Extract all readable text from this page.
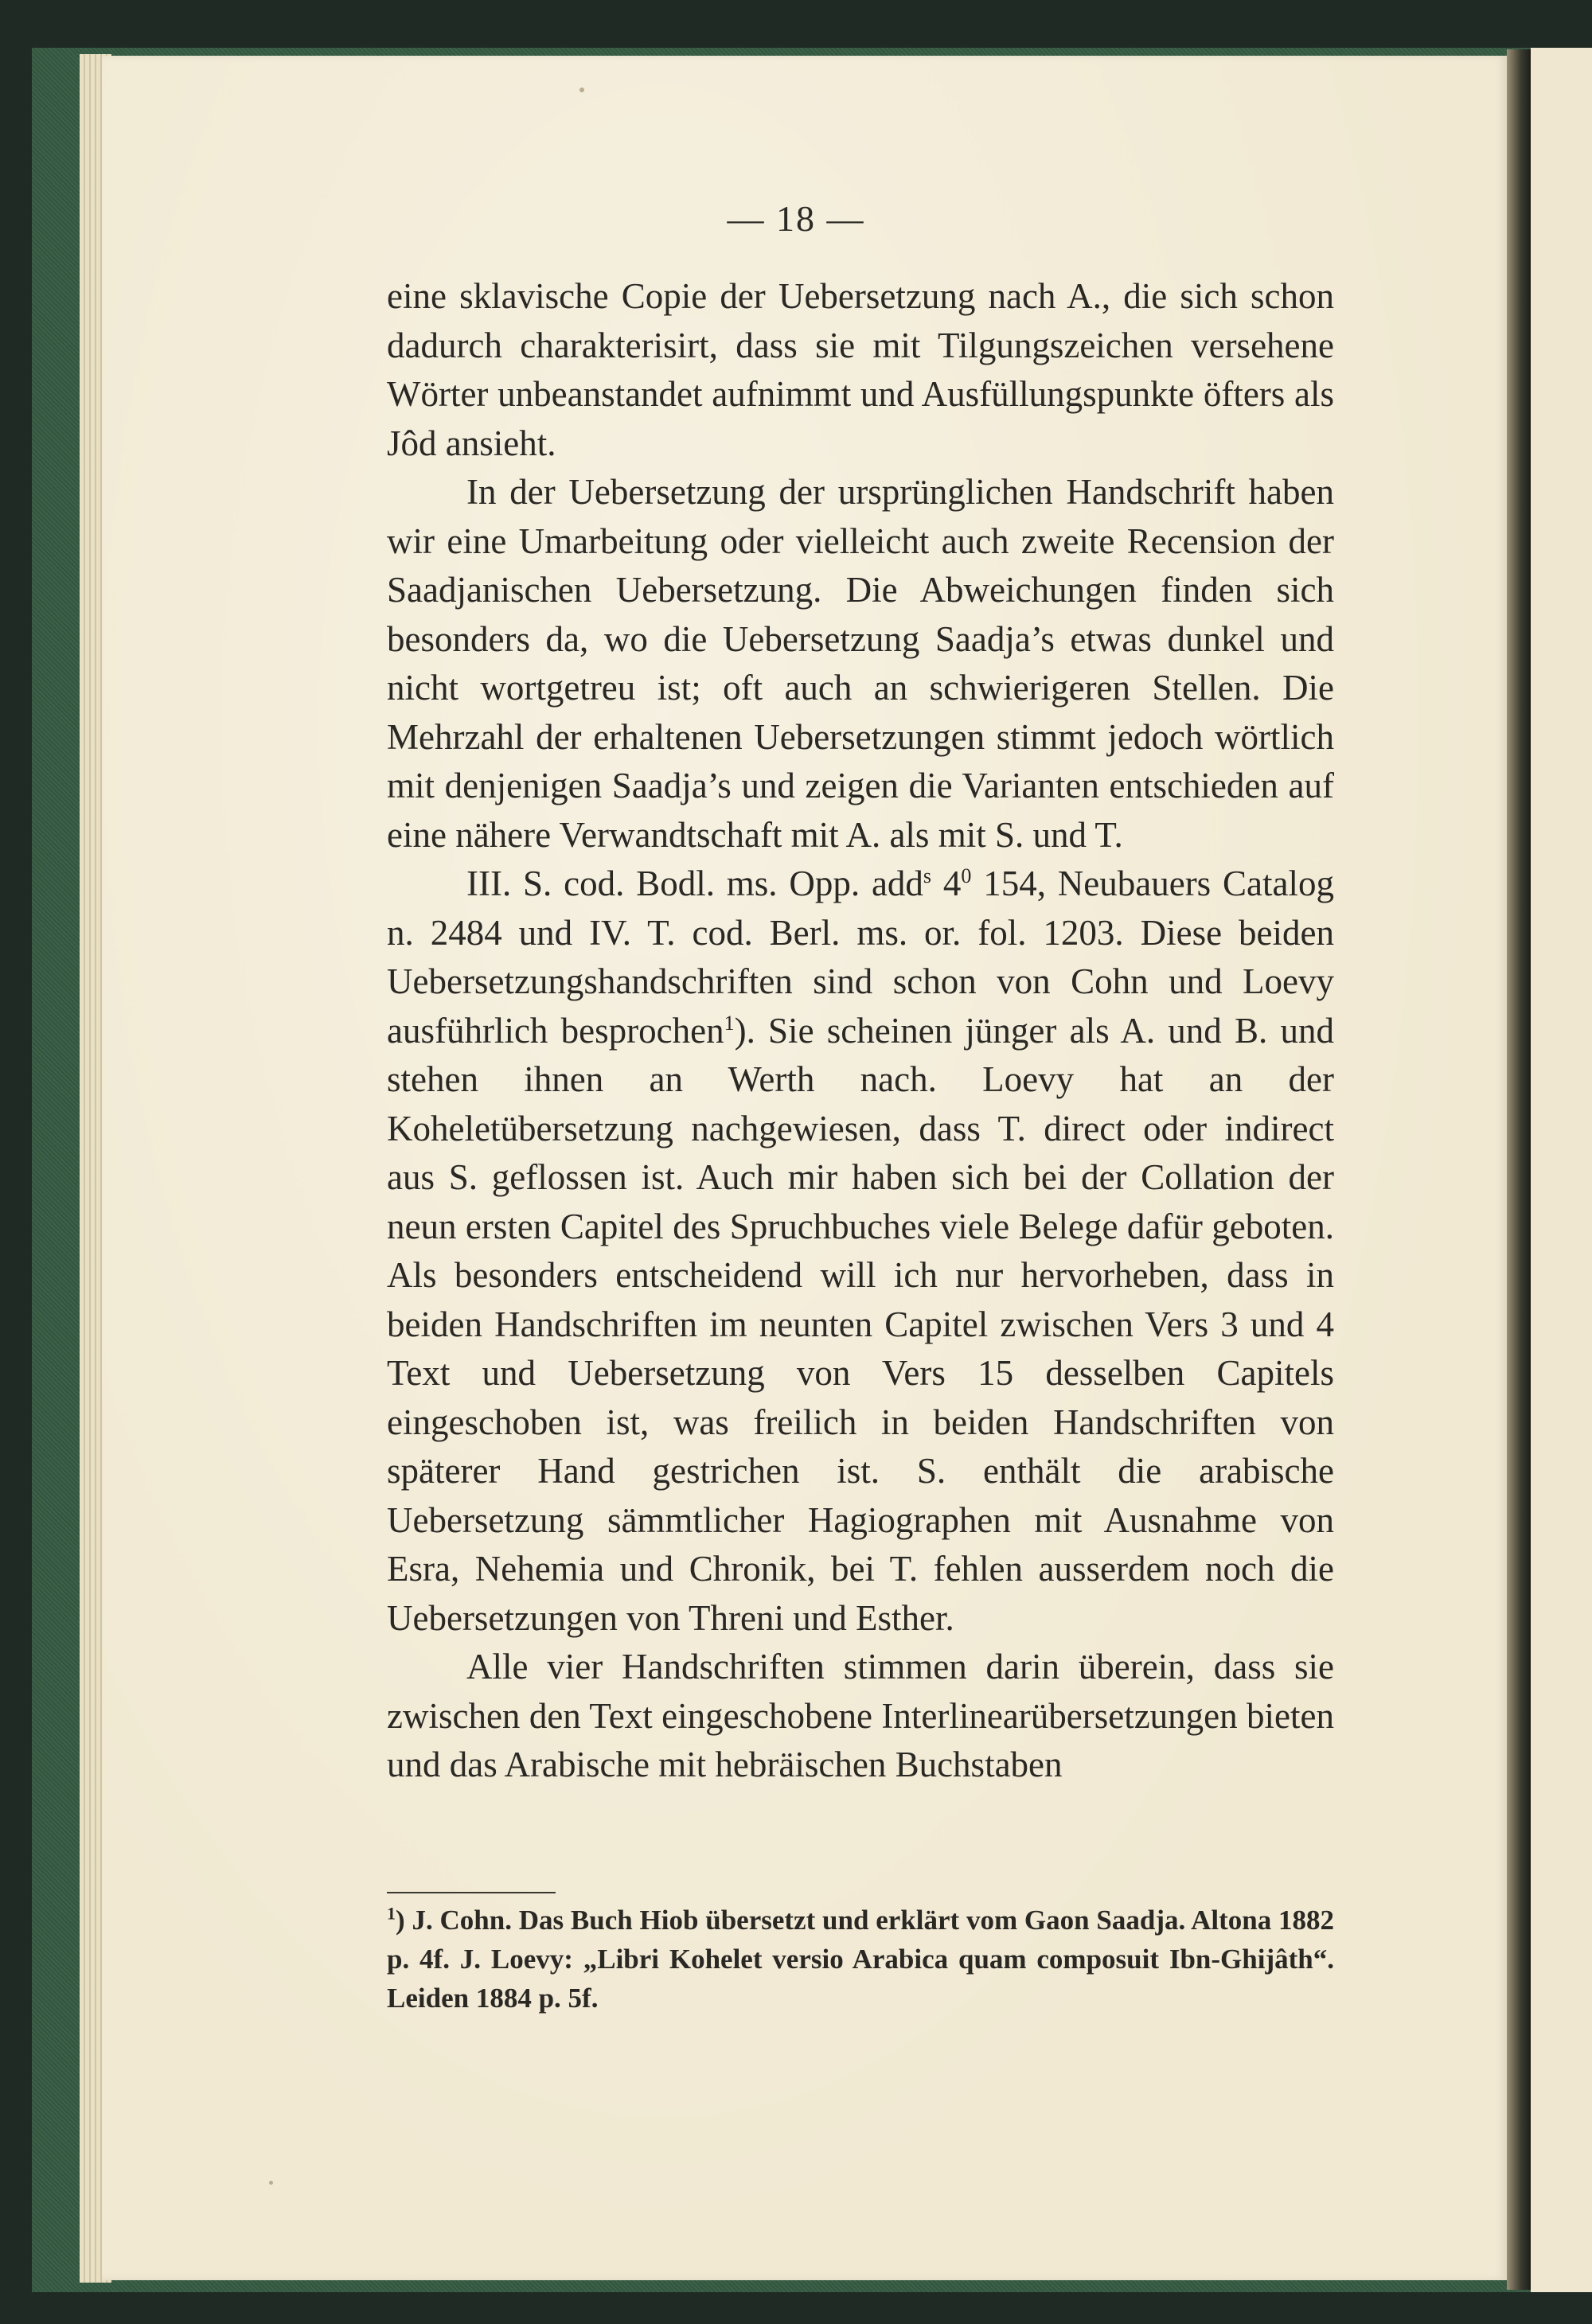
— 18 —

eine sklavische Copie der Uebersetzung nach A., die sich schon dadurch charakterisirt, dass sie mit Tilgungszeichen versehene Wörter unbeanstandet aufnimmt und Ausfüllungspunkte öfters als Jôd ansieht.

In der Uebersetzung der ursprünglichen Handschrift haben wir eine Umarbeitung oder vielleicht auch zweite Recension der Saadjanischen Uebersetzung. Die Abweichungen finden sich besonders da, wo die Uebersetzung Saadja’s etwas dunkel und nicht wortgetreu ist; oft auch an schwierigeren Stellen. Die Mehrzahl der erhaltenen Uebersetzungen stimmt jedoch wörtlich mit denjenigen Saadja’s und zeigen die Varianten entschieden auf eine nähere Verwandtschaft mit A. als mit S. und T.

III. S. cod. Bodl. ms. Opp. add$^s$ $4^0$ 154, Neubauers Catalog n. 2484 und IV. T. cod. Berl. ms. or. fol. 1203. Diese beiden Uebersetzungshandschriften sind schon von Cohn und Loevy ausführlich besprochen$^1$). Sie scheinen jünger als A. und B. und stehen ihnen an Werth nach. Loevy hat an der Koheletübersetzung nachgewiesen, dass T. direct oder indirect aus S. geflossen ist. Auch mir haben sich bei der Collation der neun ersten Capitel des Spruchbuches viele Belege dafür geboten. Als besonders entscheidend will ich nur hervorheben, dass in beiden Handschriften im neunten Capitel zwischen Vers 3 und 4 Text und Uebersetzung von Vers 15 desselben Capitels eingeschoben ist, was freilich in beiden Handschriften von späterer Hand gestrichen ist. S. enthält die arabische Uebersetzung sämmtlicher Hagiographen mit Ausnahme von Esra, Nehemia und Chronik, bei T. fehlen ausserdem noch die Uebersetzungen von Threni und Esther.

Alle vier Handschriften stimmen darin überein, dass sie zwischen den Text eingeschobene Interlinearübersetzungen bieten und das Arabische mit hebräischen Buchstaben

$^1$) J. Cohn. Das Buch Hiob übersetzt und erklärt vom Gaon Saadja. Altona 1882 p. 4f. J. Loevy: „Libri Kohelet versio Arabica quam composuit Ibn-Ghijâth“. Leiden 1884 p. 5f.
